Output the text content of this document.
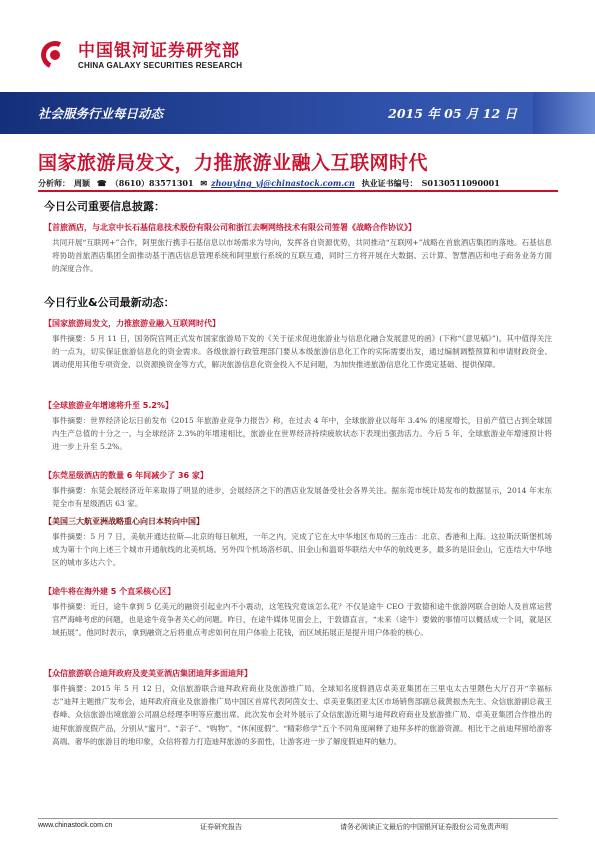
中国银河证券研究部
CHINA GALAXY SECURITIES RESEARCH
社会服务行业每日动态	2015 年 05 月 12 日
国家旅游局发文，力推旅游业融入互联网时代
分析师： 周颖 ☎ （8610）83571301 ✉ zhouying_yj@chinastock.com.cn 执业证书编号： S0130511090001
今日公司重要信息披露：
【首旅酒店，与北京中长石基信息技术股份有限公司和浙江去啊网络技术有限公司签署《战略合作协议》】
共同开展“互联网+”合作，阿里旅行携手石基信息以市场需求为导向，发挥各自资源优势，共同推动“互联网+”战略在首旅酒店集团的落地。石基信息将协助首旅酒店集团全面推动基于酒店信息管理系统和阿里旅行系统的互联互通，同时三方将开展在大数据、云计算、智慧酒店和电子商务业务方面的深度合作。
今日行业&公司最新动态：
【国家旅游局发文，力推旅游业融入互联网时代】
事件摘要：5 月 11 日，国务院官网正式发布国家旅游局下发的《关于征求促进旅游业与信息化融合发展意见的函》(下称“《意见稿》”)。其中值得关注的一点为，切实保证旅游信息化的资金需求。各级旅游行政管理部门要从本级旅游信息化工作的实际需要出发，通过编制调整预算和申请财政资金、调动使用其他专项资金、以资源换资金等方式，解决旅游信息化资金投入不足问题，为加快推进旅游信息化工作奠定基础、提供保障。
【全球旅游业年增速将升至 5.2%】
事件摘要：世界经济论坛日前发布《2015 年旅游业竞争力报告》称，在过去 4 年中，全球旅游业以每年 3.4% 的速度增长，目前产值已占到全球国内生产总值的十分之一。与全球经济 2.3%的年增速相比，旅游业在世界经济持续疲软状态下表现出强劲活力。今后 5 年，全球旅游业年增速预计将进一步上升至 5.2%。
【东莞星级酒店的数量 6 年间减少了 36 家】
事件摘要：东莞会展经济近年来取得了明显的进步，会展经济之下的酒店业发展备受社会各界关注。据东莞市统计局发布的数据显示，2014 年末东莞全市有星级酒店 63 家。
【美国三大航亚洲战略重心向日本转向中国】
事件摘要：5 月 7 日，美航开通达拉斯—北京的每日航班，一年之内，完成了它在大中华地区布局的三连击：北京、香港和上海。这拉斯沃斯堡机场成为第十个向上述三个城市开通航线的北美机场。另外四个机场洛杉矶、旧金山和温哥华联结大中华的航线更多，最多的是旧金山，它连结大中华地区的城市多达六个。
【途牛将在海外建 5 个直采核心区】
事件摘要：近日，途牛拿到 5 亿美元的融资引起业内不小震动，这笔钱究竟该怎么花？不仅是途牛 CEO 于敦德和途牛旅游网联合创始人及首席运营官严海峰考虑的问题，也是途牛竞争者关心的问题。昨日，在途牛媒体见面会上，于敦德直言，“未来（途牛）要做的事情可以概括成一个词，就是区域拓展”。他同时表示，拿到融资之后将重点考虑如何在用户体验上花钱，而区域拓展正是提升用户体验的核心。
【众信旅游联合迪拜政府及麦美亚酒店集团迪拜多面迪拜】
事件摘要：2015 年 5 月 12 日，众信旅游联合迪拜政府商业及旅游推广局、全球知名度假酒店卓美亚集团在三里屯太古里隈色大厅召开“幸福标志”迪拜主题推广发布会，迪拜政府商业及旅游推广局中国区首席代表阿茵女士、卓美亚集团亚太区市场销售部副总裁黄振杰先生、众信旅游副总裁王春峰、众信旅游出境旅游公司副总经理李明等应邀出席。此次发布会对外展示了众信旅游近期与迪拜政府商业及旅游推广局、卓美亚集团合作推出的迪拜旅游度假产品，分别从“蜜月”、“亲子”、“购物”、“休闲度假”、“精彩修学”五个不同角度阐释了迪拜多样的旅游资源。相比于之前迪拜留给游客高端、奢华的旅游目的地印象，众信将着力打造迪拜旅游的多面性，让游客进一步了解度假迪拜的魅力。
www.chinastock.com.cn	证券研究报告	请务必阅读正文最后的中国银河证券股份公司免责声明
